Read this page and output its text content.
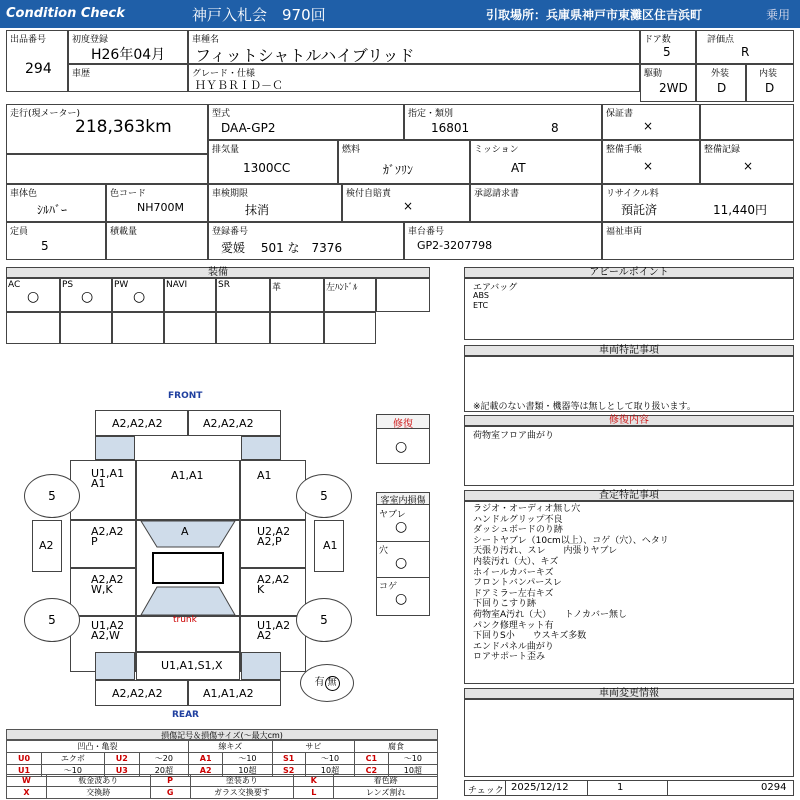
Condition Check	神戸入札会　970回	引取場所：兵庫県神戸市東灘区住吉浜町	乗用
出品番号
294
初度登録
H26年04月
車歴
車種名
フィットシャトルハイブリッド
グレード・仕様
ＨＹＢＲＩＤ－Ｃ
ドア数
5
評価点
R
駆動
2WD
外装
D
内装
D
走行(現メーター)
218,363km
型式
DAA-GP2
指定・類別
16801	8
保証書
×
排気量
1300CC
燃料
ｶﾞｿﾘﾝ
ミッション
AT
整備手帳
×
整備記録
×
車体色
ｼﾙﾊﾞｰ
色コード
NH700M
車検期限
抹消
検付自賠責
×
承認請求書	リサイクル料
預託済	11,440円
定員
5
積載量	登録番号
愛媛　 501 な　7376
車台番号
GP2-3207798
福祉車両
装備
AC
○
PS
○
PW
○
NAVI	SR	革	左ﾊﾝﾄﾞﾙ
アピールポイント
エアバッグ
ABS
ETC
車両特記事項
※記載のない書類・機器等は無しとして取り扱います。
修復内容
荷物室フロア曲がり
査定特記事項
ラジオ・オーディオ無し穴
ハンドルグリップ不良
ダッシュボードのり跡
シートヤブレ（10cm以上）、コゲ（穴）、ヘタリ
天張り汚れ、スレ　　内張りヤブレ
内装汚れ（大）、キズ
ホイールカバーキズ
フロントバンパースレ
ドアミラー左右キズ
下回りこすり跡
荷物室A汚れ（大）　　トノカバー無し
パンク修理キット有
下回りS小　　ウスキズ多数
エンドパネル曲がり
ロアサポート歪み
車両変更情報
チェック 2025/12/12	1	0294
修復
○
客室内損傷
ヤブレ
○
穴
○
コゲ
○
FRONT
REAR
A2,A2,A2	A2,A2,A2
U1,A1
A1
A1,A1	A1
A2,A2
P
U2,A2
A2,P
A2,A2
W,K
A2,A2
K
A
A2	A1
U1,A2
A2,W
trunk	U1,A2
A2
U1,A1,S1,X
A2,A2,A2	A1,A1,A2
5	5
5	5
有 無
損傷記号＆損傷サイズ(～最大cm)
凹凸・亀裂				線キズ		サビ		腐食	
U0	エクボ	U2	～20	A1	～10	S1	～10	C1	～10
U1	～10	U3	20超	A2	10超	S2	10超	C2	10超
W	板金波あり	P	塗装あり	K	着色跡
X	交換跡	G	ガラス交換要す	L	レンズ割れ
